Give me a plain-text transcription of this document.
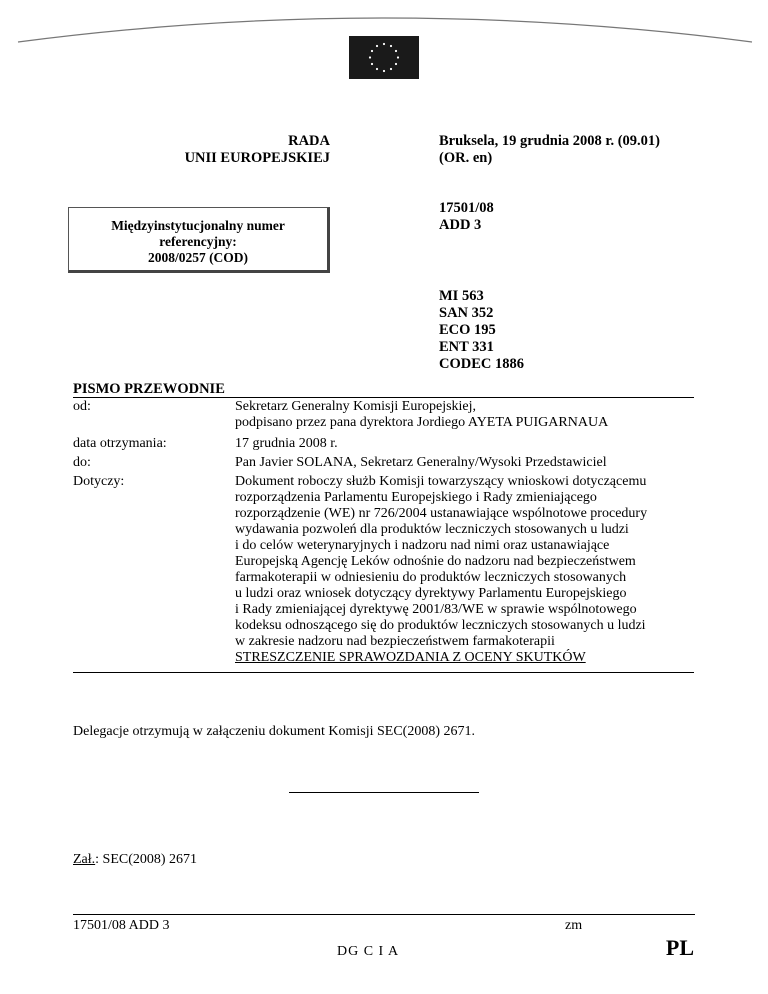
RADA
UNII EUROPEJSKIEJ
Bruksela, 19 grudnia 2008 r. (09.01)
(OR. en)
17501/08
ADD 3
Międzyinstytucjonalny numer
referencyjny:
2008/0257 (COD)
MI 563
SAN 352
ECO 195
ENT 331
CODEC 1886
PISMO PRZEWODNIE
od:	Sekretarz Generalny Komisji Europejskiej,
podpisano przez pana dyrektora Jordiego AYETA PUIGARNAUA
data otrzymania:	17 grudnia 2008 r.
do:	Pan Javier SOLANA, Sekretarz Generalny/Wysoki Przedstawiciel
Dotyczy:	Dokument roboczy służb Komisji towarzyszący wnioskowi dotyczącemu
rozporządzenia Parlamentu Europejskiego i Rady zmieniającego
rozporządzenie (WE) nr 726/2004 ustanawiające wspólnotowe procedury
wydawania pozwoleń dla produktów leczniczych stosowanych u ludzi
i do celów weterynaryjnych i nadzoru nad nimi oraz ustanawiające
Europejską Agencję Leków odnośnie do nadzoru nad bezpieczeństwem
farmakoterapii w odniesieniu do produktów leczniczych stosowanych
u ludzi oraz wniosek dotyczący dyrektywy Parlamentu Europejskiego
i Rady zmieniającej dyrektywę 2001/83/WE w sprawie wspólnotowego
kodeksu odnoszącego się do produktów leczniczych stosowanych u ludzi
w zakresie nadzoru nad bezpieczeństwem farmakoterapii
STRESZCZENIE SPRAWOZDANIA Z OCENY SKUTKÓW
Delegacje otrzymują w załączeniu dokument Komisji SEC(2008) 2671.
Zał.: SEC(2008) 2671
17501/08 ADD 3	zm
DG C I A	PL
